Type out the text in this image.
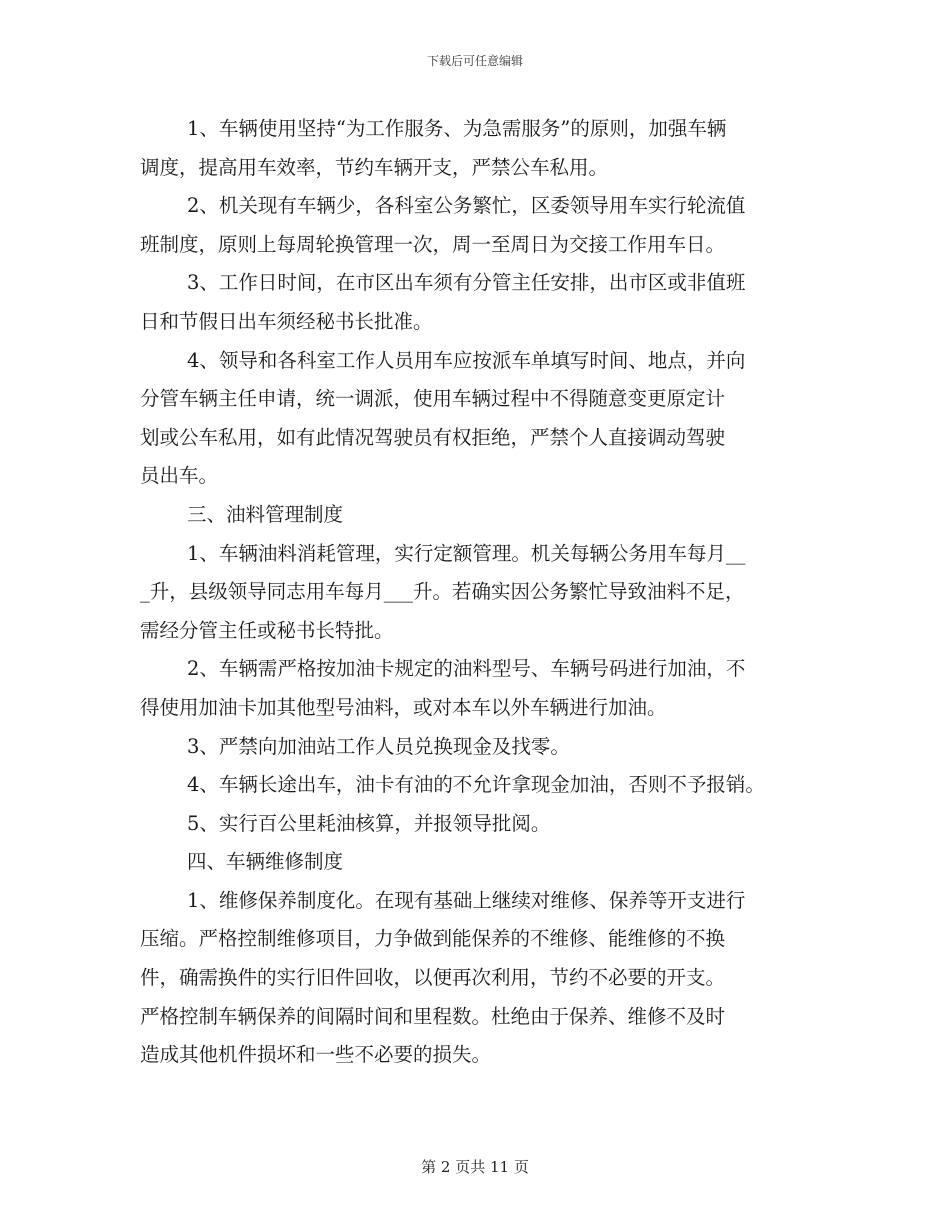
下载后可任意编辑
1、车辆使用坚持“为工作服务、为急需服务”的原则，加强车辆
调度，提高用车效率，节约车辆开支，严禁公车私用。
2、机关现有车辆少，各科室公务繁忙，区委领导用车实行轮流值
班制度，原则上每周轮换管理一次，周一至周日为交接工作用车日。
3、工作日时间，在市区出车须有分管主任安排，出市区或非值班
日和节假日出车须经秘书长批准。
4、领导和各科室工作人员用车应按派车单填写时间、地点，并向
分管车辆主任申请，统一调派，使用车辆过程中不得随意变更原定计
划或公车私用，如有此情况驾驶员有权拒绝，严禁个人直接调动驾驶
员出车。
三、油料管理制度
1、车辆油料消耗管理，实行定额管理。机关每辆公务用车每月__
_升，县级领导同志用车每月___升。若确实因公务繁忙导致油料不足，
需经分管主任或秘书长特批。
2、车辆需严格按加油卡规定的油料型号、车辆号码进行加油，不
得使用加油卡加其他型号油料，或对本车以外车辆进行加油。
3、严禁向加油站工作人员兑换现金及找零。
4、车辆长途出车，油卡有油的不允许拿现金加油，否则不予报销。
5、实行百公里耗油核算，并报领导批阅。
四、车辆维修制度
1、维修保养制度化。在现有基础上继续对维修、保养等开支进行
压缩。严格控制维修项目，力争做到能保养的不维修、能维修的不换
件，确需换件的实行旧件回收，以便再次利用，节约不必要的开支。
严格控制车辆保养的间隔时间和里程数。杜绝由于保养、维修不及时
造成其他机件损坏和一些不必要的损失。
第 2 页共 11 页
